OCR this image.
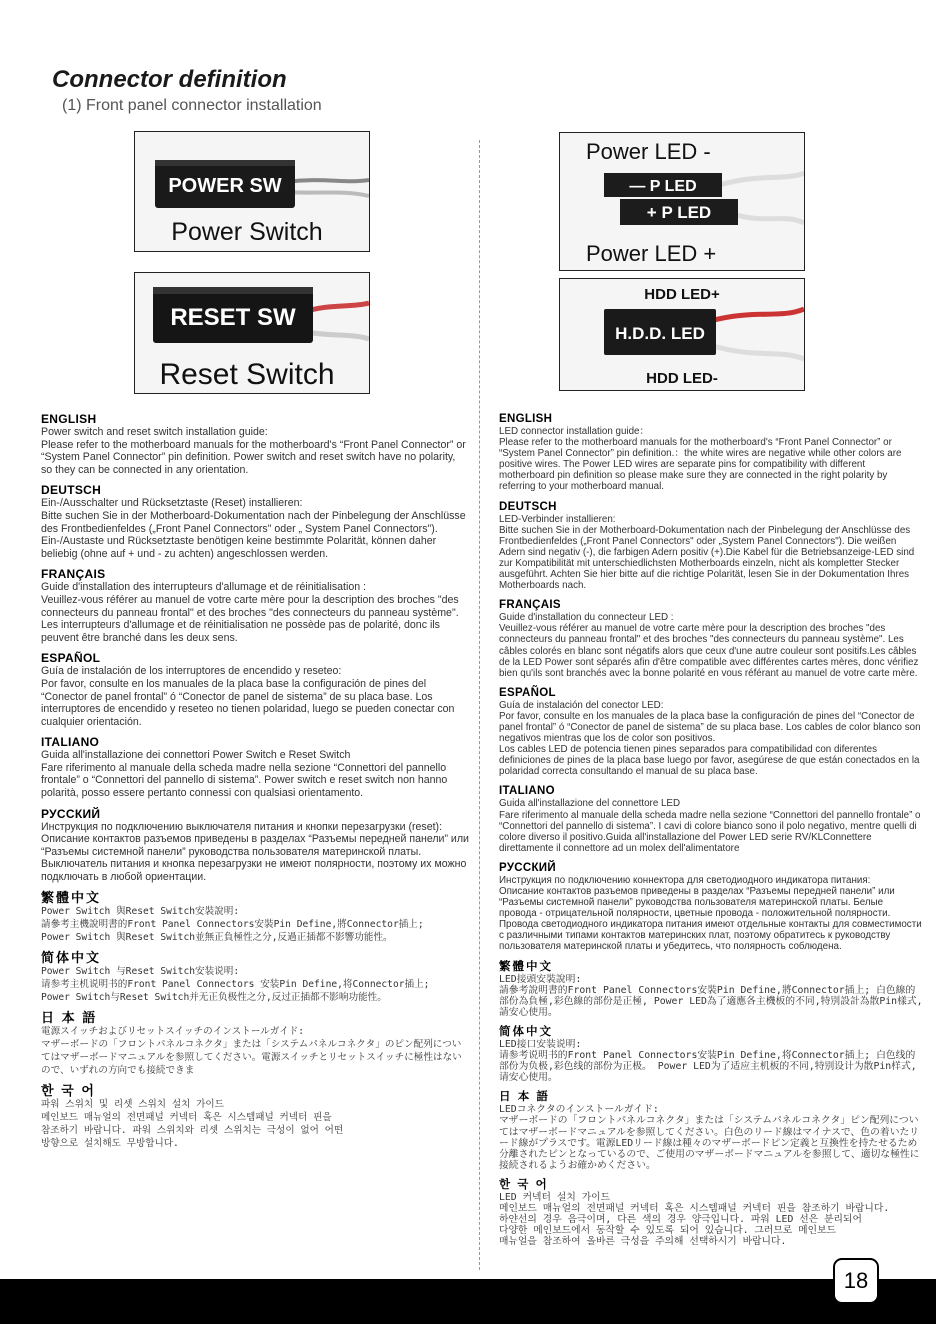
Connector definition
(1) Front panel connector installation
POWER SW
Power Switch
RESET SW
Reset Switch
Power LED -
— P LED
+ P LED
Power LED +
HDD LED+
H.D.D. LED
HDD LED-
ENGLISH

Power switch and reset switch installation guide:
Please refer to the motherboard manuals for the motherboard's “Front Panel Connector” or “System Panel Connector” pin definition. Power switch and reset switch have no polarity, so they can be connected in any orientation.

DEUTSCH

Ein-/Ausschalter und Rücksetztaste (Reset) installieren:
Bitte suchen Sie in der Motherboard-Dokumentation nach der Pinbelegung der Anschlüsse des Frontbedienfeldes („Front Panel Connectors" oder „ System Panel Connectors"). Ein-/Austaste und Rücksetztaste benötigen keine bestimmte Polarität, können daher beliebig (ohne auf + und - zu achten) angeschlossen werden.

FRANÇAIS

Guide d'installation des interrupteurs d'allumage et de réinitialisation :
Veuillez-vous référer au manuel de votre carte mère pour la description des broches "des connecteurs du panneau frontal" et des broches "des connecteurs du panneau système". Les interrupteurs d'allumage et de réinitialisation ne possède pas de polarité, donc ils peuvent être branché dans les deux sens.

ESPAÑOL

Guía de instalación de los interruptores de encendido y reseteo:
Por favor, consulte en los manuales de la placa base la configuración de pines del “Conector de panel frontal” ó “Conector de panel de sistema” de su placa base. Los interruptores de encendido y reseteo no tienen polaridad, luego se pueden conectar con cualquier orientación.

ITALIANO

Guida all'installazione dei connettori Power Switch e Reset Switch
Fare riferimento al manuale della scheda madre nella sezione “Connettori del pannello frontale” o “Connettori del pannello di sistema”. Power switch e reset switch non hanno polarità, posso essere pertanto connessi con qualsiasi orientamento.

РУССКИЙ

Инструкция по подключению выключателя питания и кнопки перезагрузки (reset):
Описание контактов разъемов приведены в разделах “Разъемы передней панели” или “Разъемы системной панели” руководства пользователя материнской платы. Выключатель питания и кнопка перезагрузки не имеют полярности, поэтому их можно подключать в любой ориентации.

繁體中文

Power Switch 與Reset Switch安裝說明:
請參考主機說明書的Front Panel Connectors安裝Pin Define,將Connector插上;
Power Switch 與Reset Switch並無正負極性之分,反過正插都不影響功能性。

简体中文

Power Switch 与Reset Switch安装说明:
请参考主机说明书的Front Panel Connectors 安装Pin Define,将Connector插上;
Power Switch与Reset Switch并无正负极性之分,反过正插都不影响功能性。

日 本 語

電源スイッチおよびリセットスイッチのインストールガイド:
マザーボードの「フロントパネルコネクタ」または「システムパネルコネクタ」のピン配列についてはマザーボードマニュアルを参照してください。電源スイッチとリセットスイッチに極性はないので、いずれの方向でも接続できま

한 국 어

파워 스위치 및 리셋 스위치 설치 가이드
메인보드 매뉴얼의 전면패널 커넥터 혹은 시스템패널 커넥터 핀을
참조하기 바랍니다. 파워 스위치와 리셋 스위치는 극성이 없어 어떤
방향으로 설치해도 무방합니다.

ENGLISH

LED connector installation guide：
Please refer to the motherboard manuals for the motherboard's “Front Panel Connector” or “System Panel Connector” pin definition.：the white wires are negative while other colors are positive wires. The Power LED wires are separate pins for compatibility with different motherboard pin definition so please make sure they are connected in the right polarity by referring to your motherboard manual.

DEUTSCH

LED-Verbinder installieren:
Bitte suchen Sie in der Motherboard-Dokumentation nach der Pinbelegung der Anschlüsse des Frontbedienfeldes („Front Panel Connectors" oder „System Panel Connectors"). Die weißen Adern sind negativ (-), die farbigen Adern positiv (+).Die Kabel für die Betriebsanzeige-LED sind zur Kompatibilität mit unterschiedlichsten Motherboards einzeln, nicht als kompletter Stecker ausgeführt. Achten Sie hier bitte auf die richtige Polarität, lesen Sie in der Dokumentation Ihres Motherboards nach.

FRANÇAIS

Guide d'installation du connecteur LED :
Veuillez-vous référer au manuel de votre carte mère pour la description des broches "des connecteurs du panneau frontal" et des broches "des connecteurs du panneau système". Les câbles colorés en blanc sont négatifs alors que ceux d'une autre couleur sont positifs.Les câbles de la LED Power sont séparés afin d'être compatible avec différentes cartes mères, donc vérifiez bien qu'ils sont branchés avec la bonne polarité en vous référant au manuel de votre carte mère.

ESPAÑOL

Guía de instalación del conector LED:
Por favor, consulte en los manuales de la placa base la configuración de pines del “Conector de panel frontal” ó “Conector de panel de sistema” de su placa base. Los cables de color blanco son negativos mientras que los de color son positivos.
Los cables LED de potencia tienen pines separados para compatibilidad con diferentes definiciones de pines de la placa base luego por favor, asegúrese de que están conectados en la polaridad correcta consultando el manual de su placa base.

ITALIANO

Guida all'installazione del connettore LED
Fare riferimento al manuale della scheda madre nella sezione “Connettori del pannello frontale” o “Connettori del pannello di sistema”. I cavi di colore bianco sono il polo negativo, mentre quelli di colore diverso il positivo.Guida all'installazione del Power LED serie RV/KLConnettere direttamente il connettore ad un molex dell'alimentatore

РУССКИЙ

Инструкция по подключению коннектора для светодиодного индикатора питания:
Описание контактов разъемов приведены в разделах “Разъемы передней панели” или “Разъемы системной панели” руководства пользователя материнской платы. Белые провода - отрицательной полярности, цветные провода - положительной полярности. Провода светодиодного индикатора питания имеют отдельные контакты для совместимости с различными типами контактов материнских плат, поэтому обратитесь к руководству пользователя материнской платы и убедитесь, что полярность соблюдена.

繁體中文

LED接頭安裝說明:
請參考說明書的Front Panel Connectors安裝Pin Define,將Connector插上; 白色線的部份為負極,彩色線的部份是正極, Power LED為了適應各主機板的不同,特別設計為散Pin樣式, 請安心使用。

简体中文

LED接口安装说明:
请参考说明书的Front Panel Connectors安装Pin Define,将Connector插上; 白色线的部份为负极,彩色线的部份为正极。 Power LED为了适应主机板的不同,特别设计为散Pin样式, 请安心使用。

日 本 語

LEDコネクタのインストールガイド:
マザーボードの「フロントパネルコネクタ」または「システムパネルコネクタ」ピン配列についてはマザーボードマニュアルを参照してください。白色のリード線はマイナスで、色の着いたリード線がプラスです。電源LEDリード線は種々のマザーボードピン定義と互換性を持たせるため分離されたピンとなっているので、ご使用のマザーボードマニュアルを参照して、適切な極性に接続されるようお確かめください。

한 국 어

LED 커넥터 설치 가이드
메인보드 매뉴얼의 전면패널 커넥터 혹은 시스템패널 커넥터 핀을 참조하기 바랍니다.
하얀선의 경우 음극이며, 다른 색의 경우 양극입니다. 파워 LED 선은 분리되어
다양한 메인보드에서 동작할 수 있도록 되어 있습니다. 그러므로 메인보드
매뉴얼을 참조하여 올바른 극성을 주의해 선택하시기 바랍니다.

18
